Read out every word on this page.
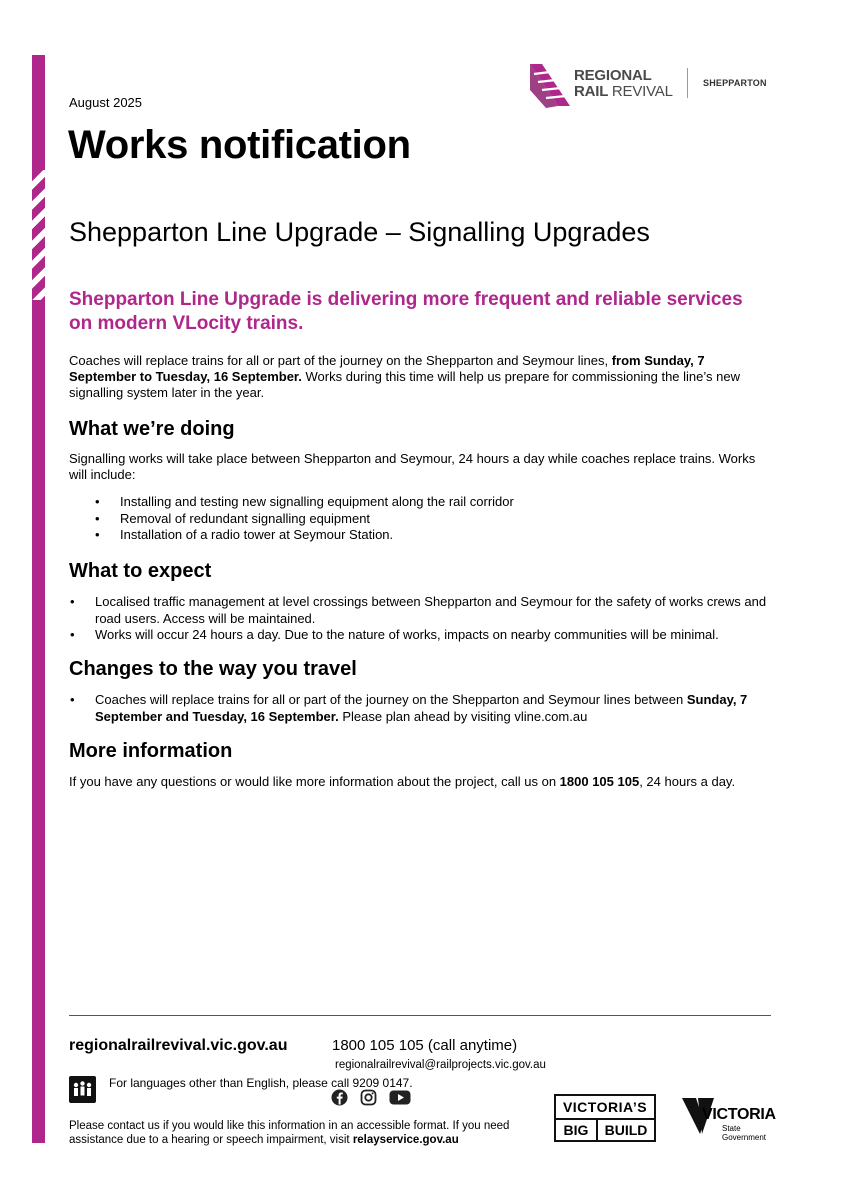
REGIONAL
RAIL REVIVAL	SHEPPARTON
August 2025
Works notification
Shepparton Line Upgrade – Signalling Upgrades

Shepparton Line Upgrade is delivering more frequent and reliable services on modern VLocity trains.

Coaches will replace trains for all or part of the journey on the Shepparton and Seymour lines, from Sunday, 7 September to Tuesday, 16 September. Works during this time will help us prepare for commissioning the line’s new signalling system later in the year.

What we’re doing

Signalling works will take place between Shepparton and Seymour, 24 hours a day while coaches replace trains. Works will include:

• Installing and testing new signalling equipment along the rail corridor
• Removal of redundant signalling equipment
• Installation of a radio tower at Seymour Station.
What to expect
• Localised traffic management at level crossings between Shepparton and Seymour for the safety of works crews and road users. Access will be maintained.
• Works will occur 24 hours a day. Due to the nature of works, impacts on nearby communities will be minimal.
Changes to the way you travel
• Coaches will replace trains for all or part of the journey on the Shepparton and Seymour lines between Sunday, 7 September and Tuesday, 16 September. Please plan ahead by visiting vline.com.au
More information

If you have any questions or would like more information about the project, call us on 1800 105 105, 24 hours a day.

regionalrailrevival.vic.gov.au	1800 105 105 (call anytime)
regionalrailrevival@railprojects.vic.gov.au
For languages other than English, please call 9209 0147.
Please contact us if you would like this information in an accessible format. If you need assistance due to a hearing or speech impairment, visit relayservice.gov.au
VICTORIA’S
BIG	BUILD
VICTORIA
State
Government
